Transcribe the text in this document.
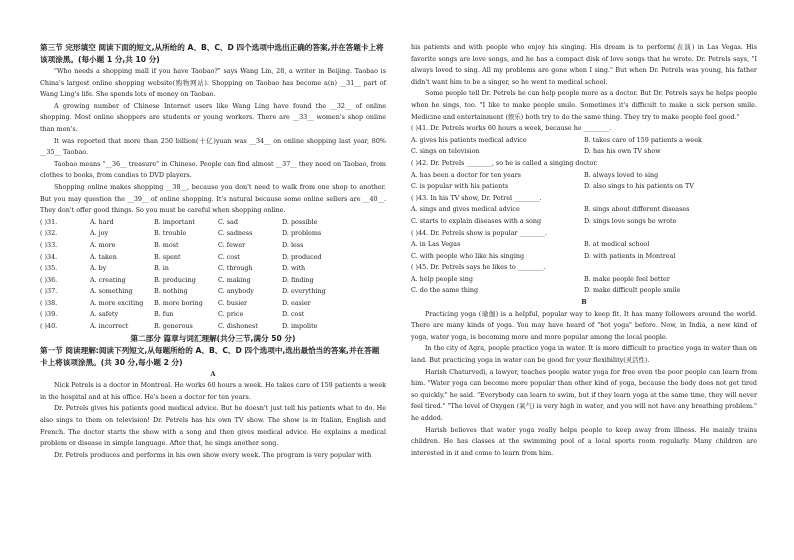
第三节 完形填空 阅读下面的短文,从所给的 A、B、C、D 四个选项中选出正确的答案,并在答题卡上将该项涂黑。(每小题 1 分,共 10 分)

"Who needs a shopping mall if you have Taobao?" says Wang Lin, 28, a writer in Beijing. Taobao is China's largest online shopping website(购物网站). Shopping on Taobao has become a(n) __31__ part of Wang Ling's life. She spends lots of money on Taobao.

A growing number of Chinese Internet users like Wang Ling have found the __32__ of online shopping. Most online shoppers are students or young workers. There are __33__ women's shop online than men's.

It was reported that more than 250 billion(十亿)yuan was __34__ on online shopping last year, 80% __35__ Taobao.

Taobao means "__36__ treasure" in Chinese. People can find almost __37__ they need on Taobao, from clothes to books, from candies to DVD players.

Shopping online makes shopping __38__, because you don't need to walk from one shop to another. But you may question the __39__ of online shopping. It's natural because some online sellers are __40__. They don't offer good things. So you must be careful when shopping online.

( )31.	A. hard	B. important	C. sad	D. possible
( )32.	A. joy	B. trouble	C. sadness	D. problems
( )33.	A. more	B. most	C. fewer	D. less
( )34.	A. taken	B. spent	C. cost	D. produced
( )35.	A. by	B. in	C. through	D. with
( )36.	A. creating	B. producing	C. making	D. finding
( )37.	A. something	B. nothing	C. anybody	D. everything
( )38.	A. more exciting	B. more boring	C. busier	D. easier
( )39.	A. safety	B. fun	C. price	D. cost
( )40.	A. incorrect	B. generous	C. dishonest	D. impolite

第二部分 篇章与词汇理解(共分三节,满分 50 分)

第一节 阅读理解:阅读下列短文,从每题所给的 A、B、C、D 四个选项中,选出最恰当的答案,并在答题卡上将该项涂黑。(共 30 分,每小题 2 分)

A

Nick Petrels is a doctor in Montreal. He works 60 hours a week. He takes care of 159 patients a week in the hospital and at his office. He's been a doctor for ten years.

Dr. Petrels gives his patients good medical advice. But he doesn't just tell his patients what to do. He also sings to them on television! Dr. Petrels has his own TV show. The show is in Italian, English and French. The doctor starts the show with a song and then gives medical advice. He explains a medical problem or disease in simple language. After that, he sings another song.

Dr. Petrels produces and performs in his own show every week. The program is very popular with

his patients and with people who enjoy his singing. His dream is to perform(表演) in Las Vegas. His favorite songs are love songs, and he has a compact disk of love songs that he wrote. Dr. Petrels says, "I always loved to sing. All my problems are gone when I sing." But when Dr. Petrels was young, his father didn't want him to be a singer, so he went to medical school.

Some people tell Dr. Petrels he can help people more as a doctor. But Dr. Petrels says he helps people when he sings, too. "I like to make people smile. Sometimes it's difficult to make a sick person smile. Medicine and entertainment (娱乐) both try to do the same thing. They try to make people feel good."

( )41. Dr. Petrels works 60 hours a week, because he ________.

A. gives his patients medical advice	B. takes care of 159 patients a week
C. sings on television	D. has his own TV show

( )42. Dr. Petrels ________, so he is called a singing doctor.

A. has been a doctor for ten years	B. always loved to sing
C. is popular with his patients	D. also sings to his patients on TV

( )43. In his TV show, Dr. Petrel ________.

A. sings and gives medical advice	B. sings about different diseases
C. starts to explain diseases with a song	D. sings love songs he wrote

( )44. Dr. Petrels show is popular ________.

A. in Las Vegas	B. at medical school
C. with people who like his singing	D. with patients in Montreal

( )45. Dr. Petrels says he likes to ________.

A. help people sing	B. make people feel better
C. do the same thing	D. make difficult people smile

B

Practicing yoga (瑜伽) is a helpful, popular way to keep fit. It has many followers around the world. There are many kinds of yoga. You may have heard of "hot yoga" before. Now, in India, a new kind of yoga, water yoga, is becoming more and more popular among the local people.

In the city of Agra, people practice yoga in water. It is more difficult to practice yoga in water than on land. But practicing yoga in water can be good for your flexibility(灵活性).

Harish Chaturvedi, a lawyer, teaches people water yoga for free even the poor people can learn from him. "Water yoga can become more popular than other kind of yoga, because the body does not get tired so quickly." he said. "Everybody can learn to swim, but if they learn yoga at the same time, they will never feel tired." "The level of Oxygen (氧气) is very high in water, and you will not have any breathing problem." he added.

Harish believes that water yoga really helps people to keep away from illness. He mainly trains children. He has classes at the swimming pool of a local sports room regularly. Many children are interested in it and come to learn from him.
